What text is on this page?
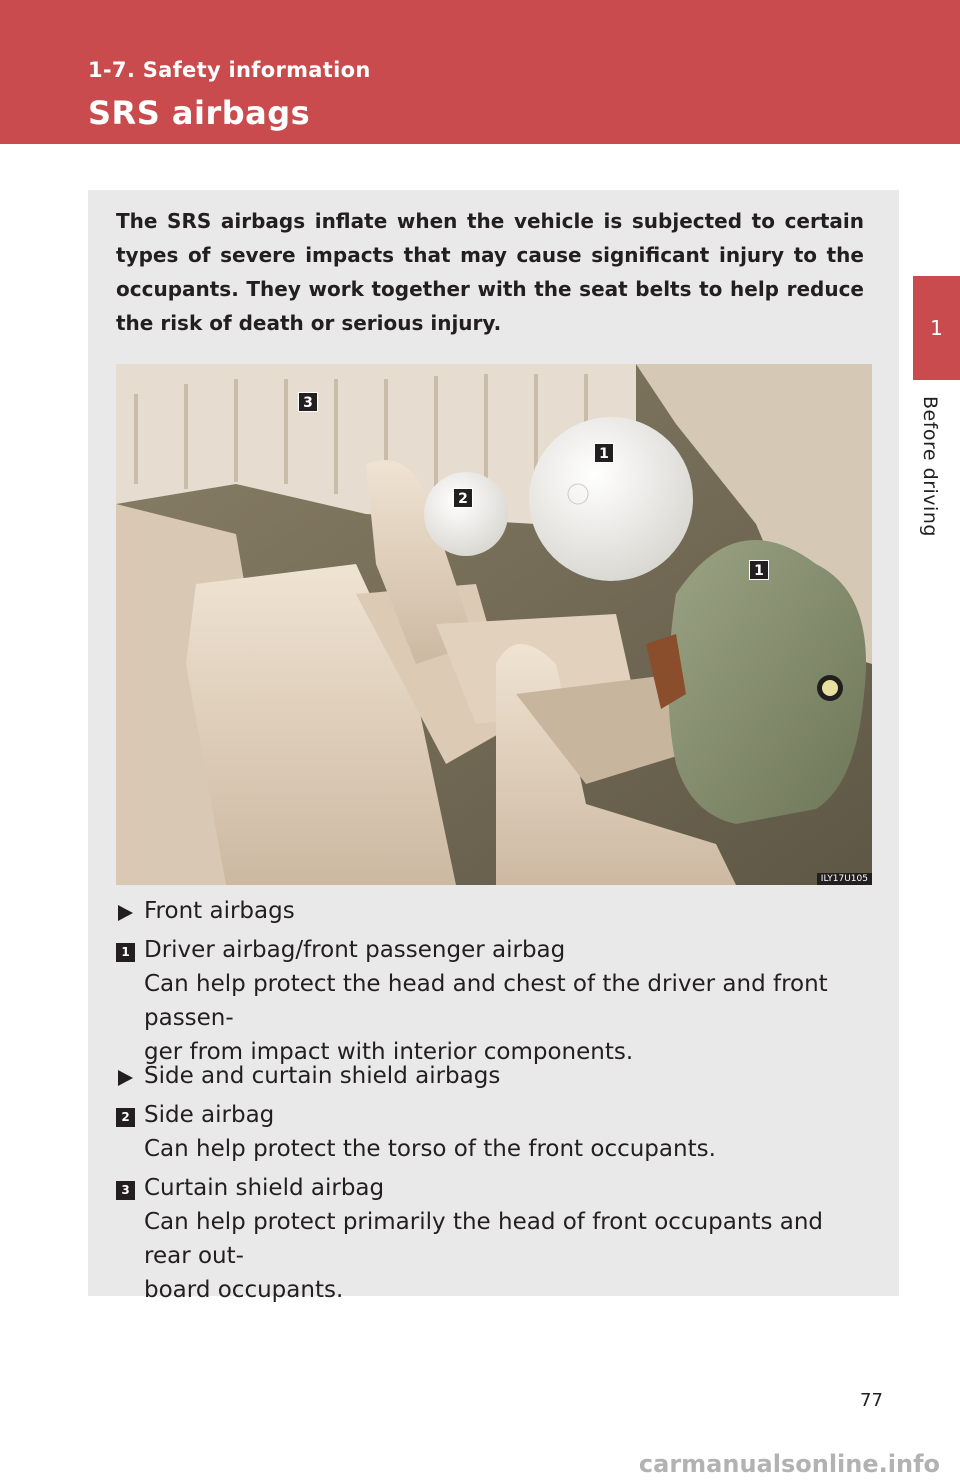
1-7. Safety information
SRS airbags
1
Before driving

The SRS airbags inflate when the vehicle is subjected to certain types of severe impacts that may cause significant injury to the occupants. They work together with the seat belts to help reduce the risk of death or serious injury.

3
1
2
1
ILY17U105
Front airbags
1 Driver airbag/front passenger airbag
Can help protect the head and chest of the driver and front passen-
ger from impact with interior components.
Side and curtain shield airbags
2 Side airbag
Can help protect the torso of the front occupants.
3 Curtain shield airbag
Can help protect primarily the head of front occupants and rear out-
board occupants.
77
carmanualsonline.info
